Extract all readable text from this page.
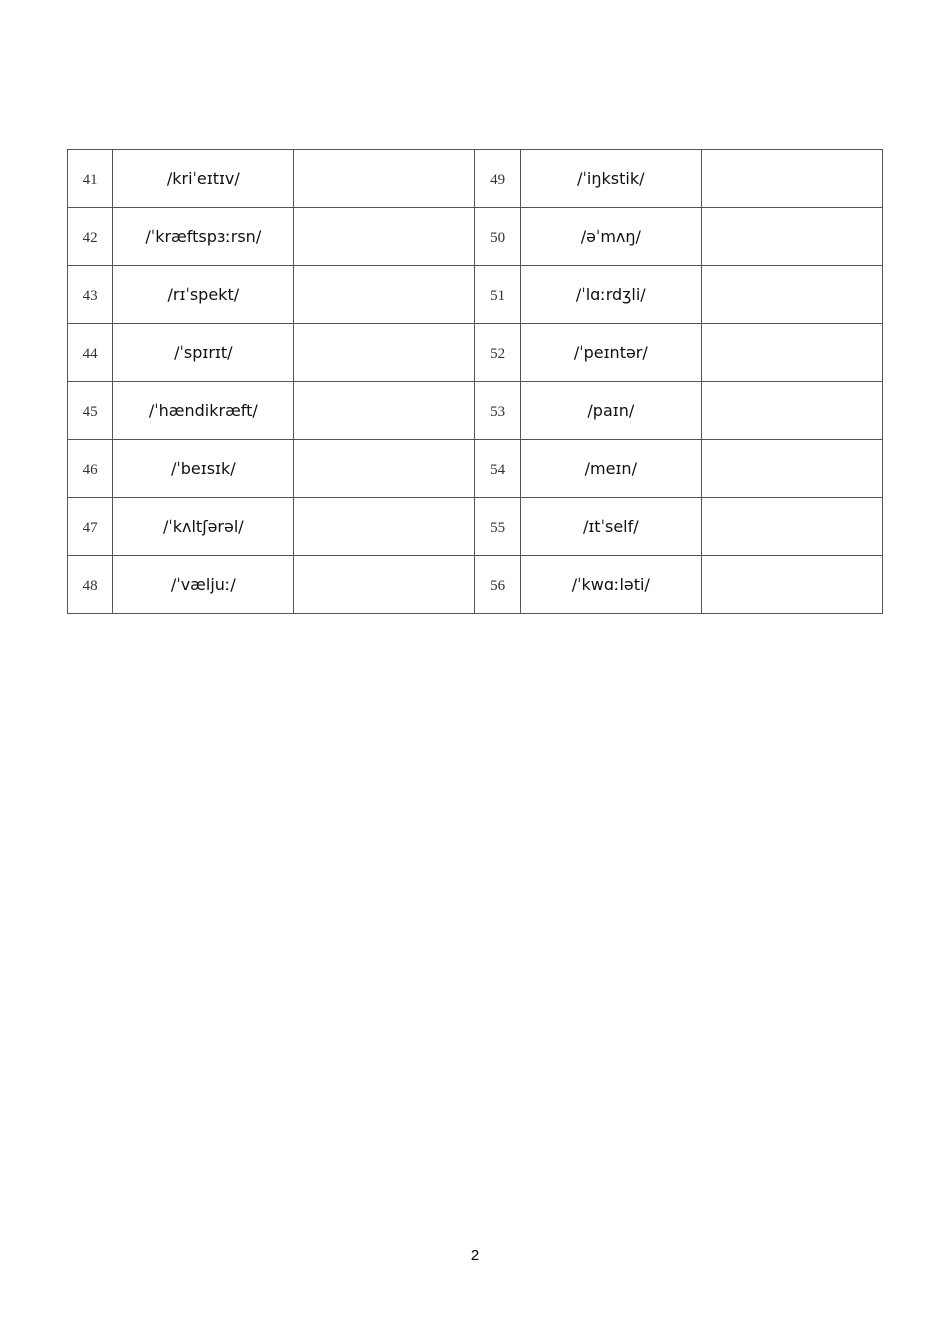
41	/kriˈeɪtɪv/		49	/ˈiŋkstik/	
42	/ˈkræftspɜːrsn/		50	/əˈmʌŋ/	
43	/rɪˈspekt/		51	/ˈlɑːrdʒli/	
44	/ˈspɪrɪt/		52	/ˈpeɪntər/	
45	/ˈhændikræft/		53	/paɪn/	
46	/ˈbeɪsɪk/		54	/meɪn/	
47	/ˈkʌltʃərəl/		55	/ɪtˈself/	
48	/ˈvæljuː/		56	/ˈkwɑːləti/	
2
